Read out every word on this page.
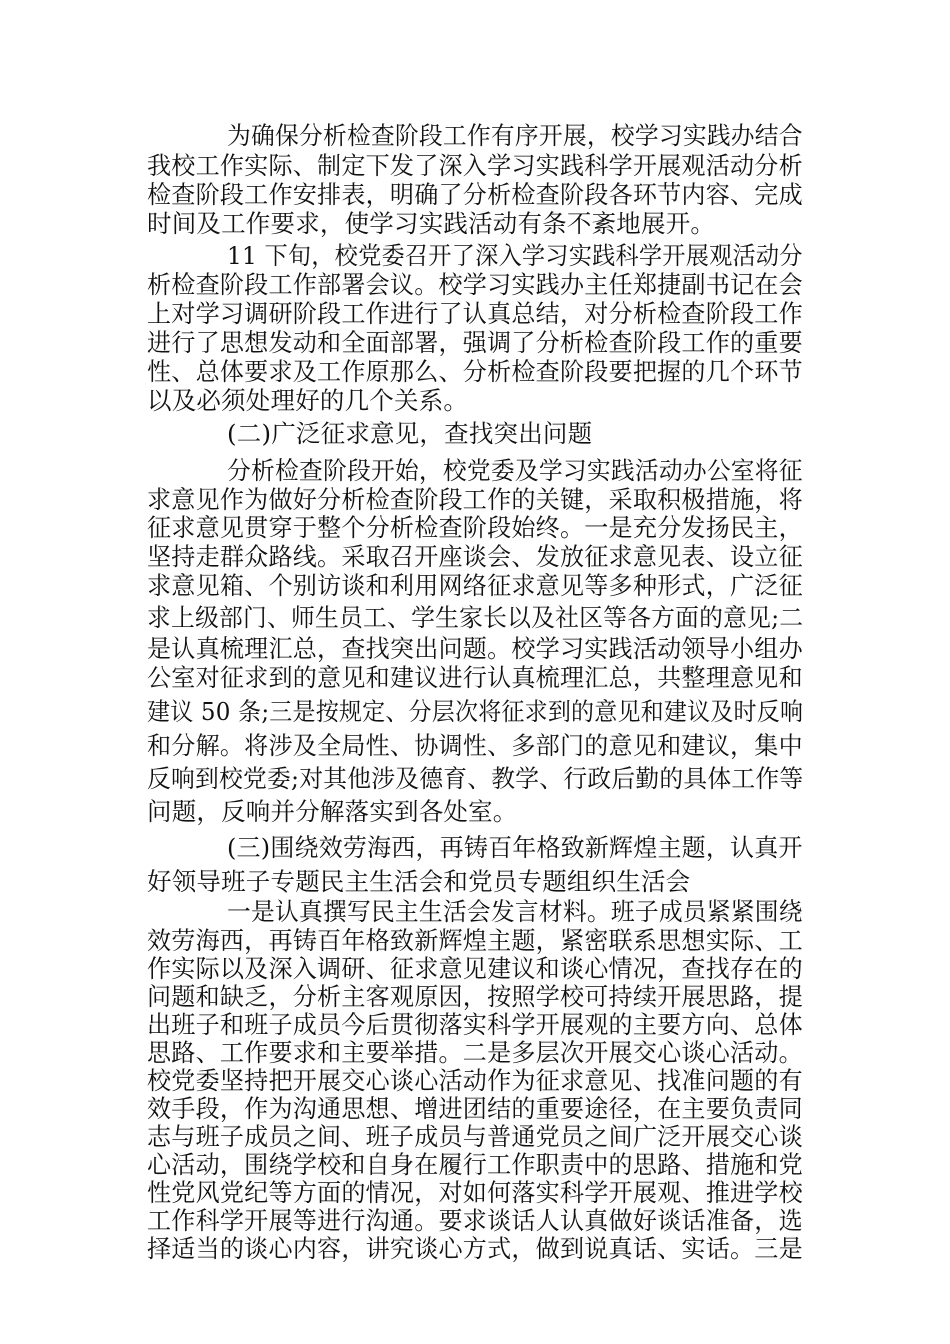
为确保分析检查阶段工作有序开展，校学习实践办结合
我校工作实际、制定下发了深入学习实践科学开展观活动分析
检查阶段工作安排表，明确了分析检查阶段各环节内容、完成
时间及工作要求，使学习实践活动有条不紊地展开。
11 下旬，校党委召开了深入学习实践科学开展观活动分
析检查阶段工作部署会议。校学习实践办主任郑捷副书记在会
上对学习调研阶段工作进行了认真总结，对分析检查阶段工作
进行了思想发动和全面部署，强调了分析检查阶段工作的重要
性、总体要求及工作原那么、分析检查阶段要把握的几个环节
以及必须处理好的几个关系。
(二)广泛征求意见，查找突出问题
分析检查阶段开始，校党委及学习实践活动办公室将征
求意见作为做好分析检查阶段工作的关键，采取积极措施，将
征求意见贯穿于整个分析检查阶段始终。一是充分发扬民主，
坚持走群众路线。采取召开座谈会、发放征求意见表、设立征
求意见箱、个别访谈和利用网络征求意见等多种形式，广泛征
求上级部门、师生员工、学生家长以及社区等各方面的意见;二
是认真梳理汇总，查找突出问题。校学习实践活动领导小组办
公室对征求到的意见和建议进行认真梳理汇总，共整理意见和
建议 50 条;三是按规定、分层次将征求到的意见和建议及时反响
和分解。将涉及全局性、协调性、多部门的意见和建议，集中
反响到校党委;对其他涉及德育、教学、行政后勤的具体工作等
问题，反响并分解落实到各处室。
(三)围绕效劳海西，再铸百年格致新辉煌主题，认真开
好领导班子专题民主生活会和党员专题组织生活会
一是认真撰写民主生活会发言材料。班子成员紧紧围绕
效劳海西，再铸百年格致新辉煌主题，紧密联系思想实际、工
作实际以及深入调研、征求意见建议和谈心情况，查找存在的
问题和缺乏，分析主客观原因，按照学校可持续开展思路，提
出班子和班子成员今后贯彻落实科学开展观的主要方向、总体
思路、工作要求和主要举措。二是多层次开展交心谈心活动。
校党委坚持把开展交心谈心活动作为征求意见、找准问题的有
效手段，作为沟通思想、增进团结的重要途径，在主要负责同
志与班子成员之间、班子成员与普通党员之间广泛开展交心谈
心活动，围绕学校和自身在履行工作职责中的思路、措施和党
性党风党纪等方面的情况，对如何落实科学开展观、推进学校
工作科学开展等进行沟通。要求谈话人认真做好谈话准备，选
择适当的谈心内容，讲究谈心方式，做到说真话、实话。三是
